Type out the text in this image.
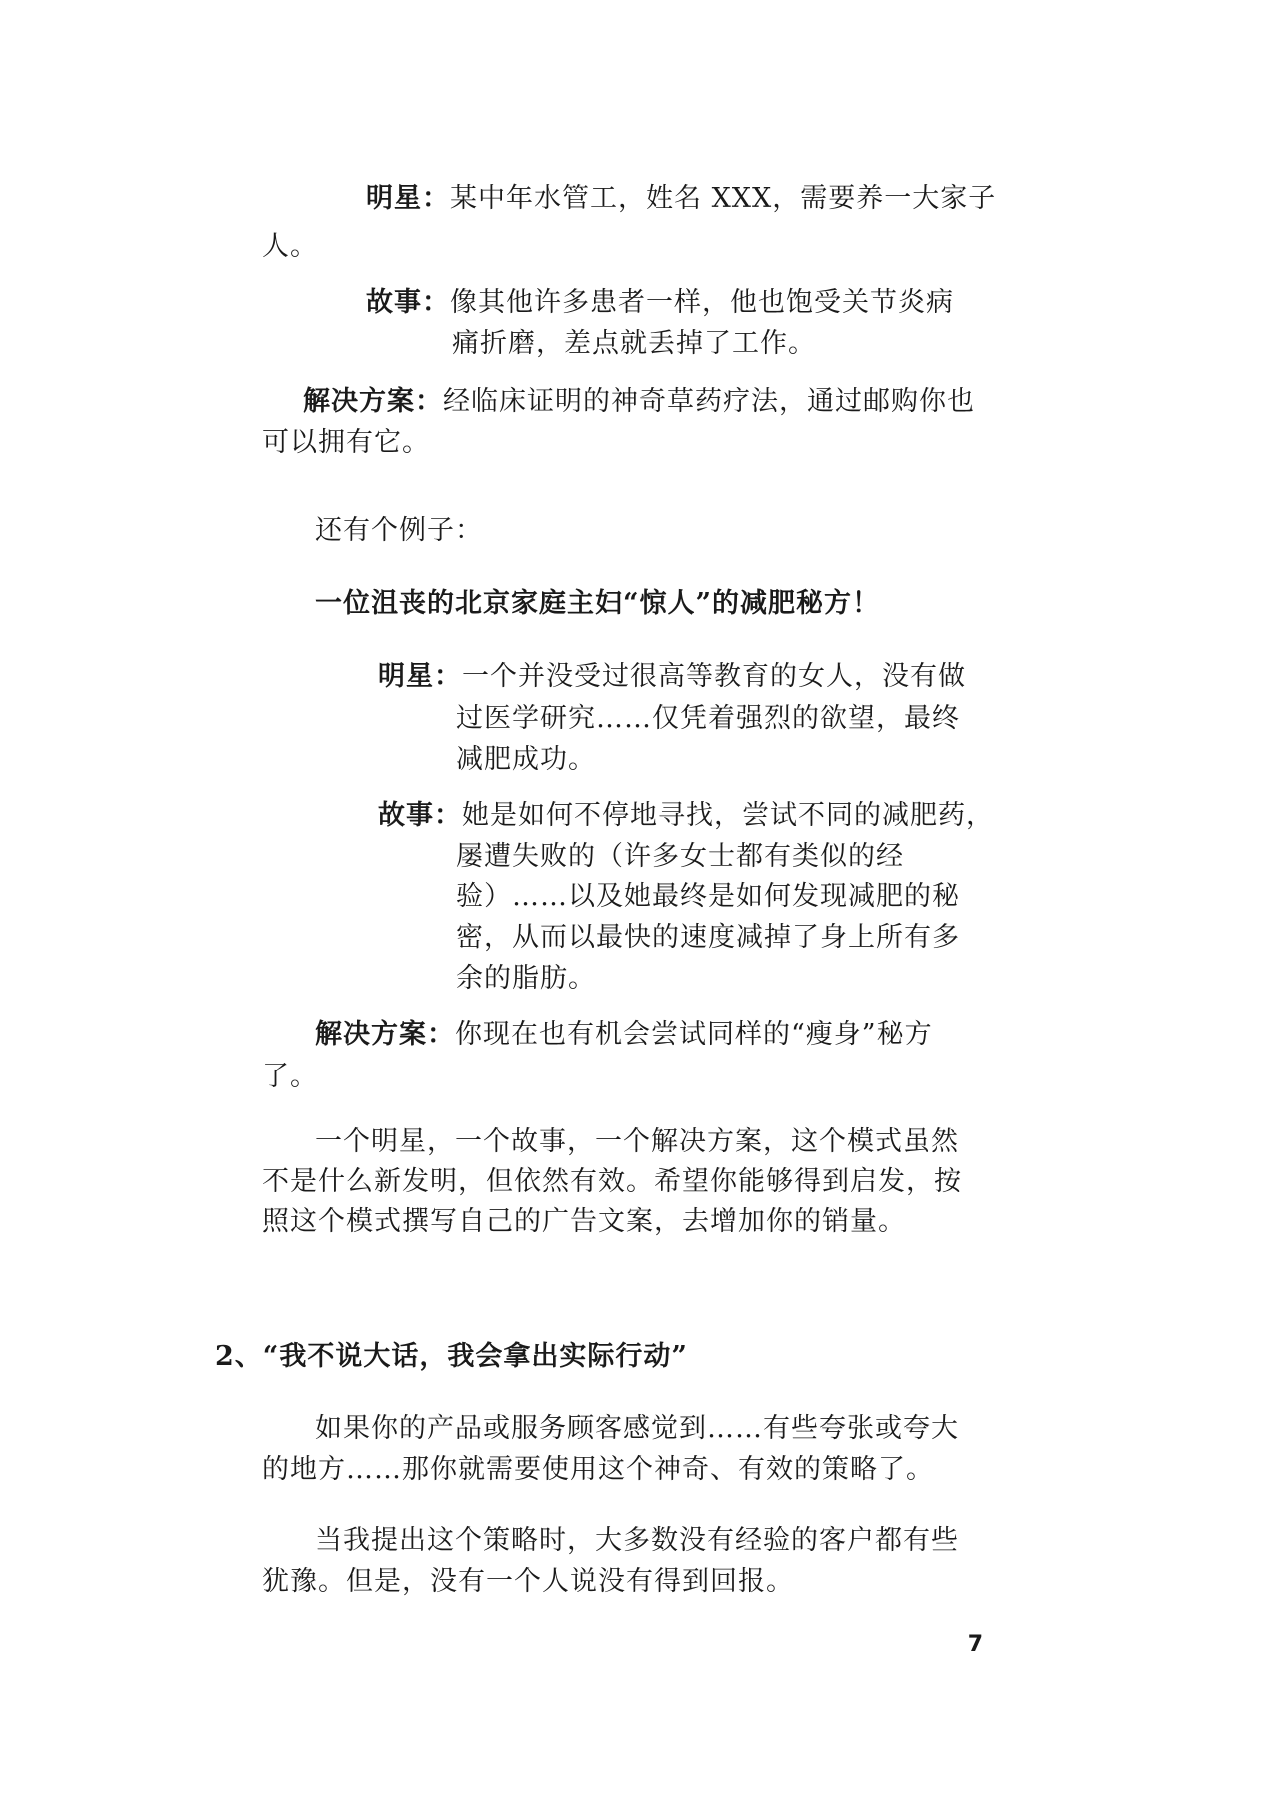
明星：某中年水管工，姓名 XXX，需要养一大家子
人。
故事：像其他许多患者一样，他也饱受关节炎病
痛折磨，差点就丢掉了工作。
解决方案：经临床证明的神奇草药疗法，通过邮购你也
可以拥有它。
还有个例子：
一位沮丧的北京家庭主妇“惊人”的减肥秘方！
明星：一个并没受过很高等教育的女人，没有做
过医学研究……仅凭着强烈的欲望，最终
减肥成功。
故事：她是如何不停地寻找，尝试不同的减肥药，
屡遭失败的（许多女士都有类似的经
验）……以及她最终是如何发现减肥的秘
密，从而以最快的速度减掉了身上所有多
余的脂肪。
解决方案：你现在也有机会尝试同样的“瘦身”秘方
了。
一个明星，一个故事，一个解决方案，这个模式虽然
不是什么新发明，但依然有效。希望你能够得到启发，按
照这个模式撰写自己的广告文案，去增加你的销量。
2、“我不说大话，我会拿出实际行动”
如果你的产品或服务顾客感觉到……有些夸张或夸大
的地方……那你就需要使用这个神奇、有效的策略了。
当我提出这个策略时，大多数没有经验的客户都有些
犹豫。但是，没有一个人说没有得到回报。
7
